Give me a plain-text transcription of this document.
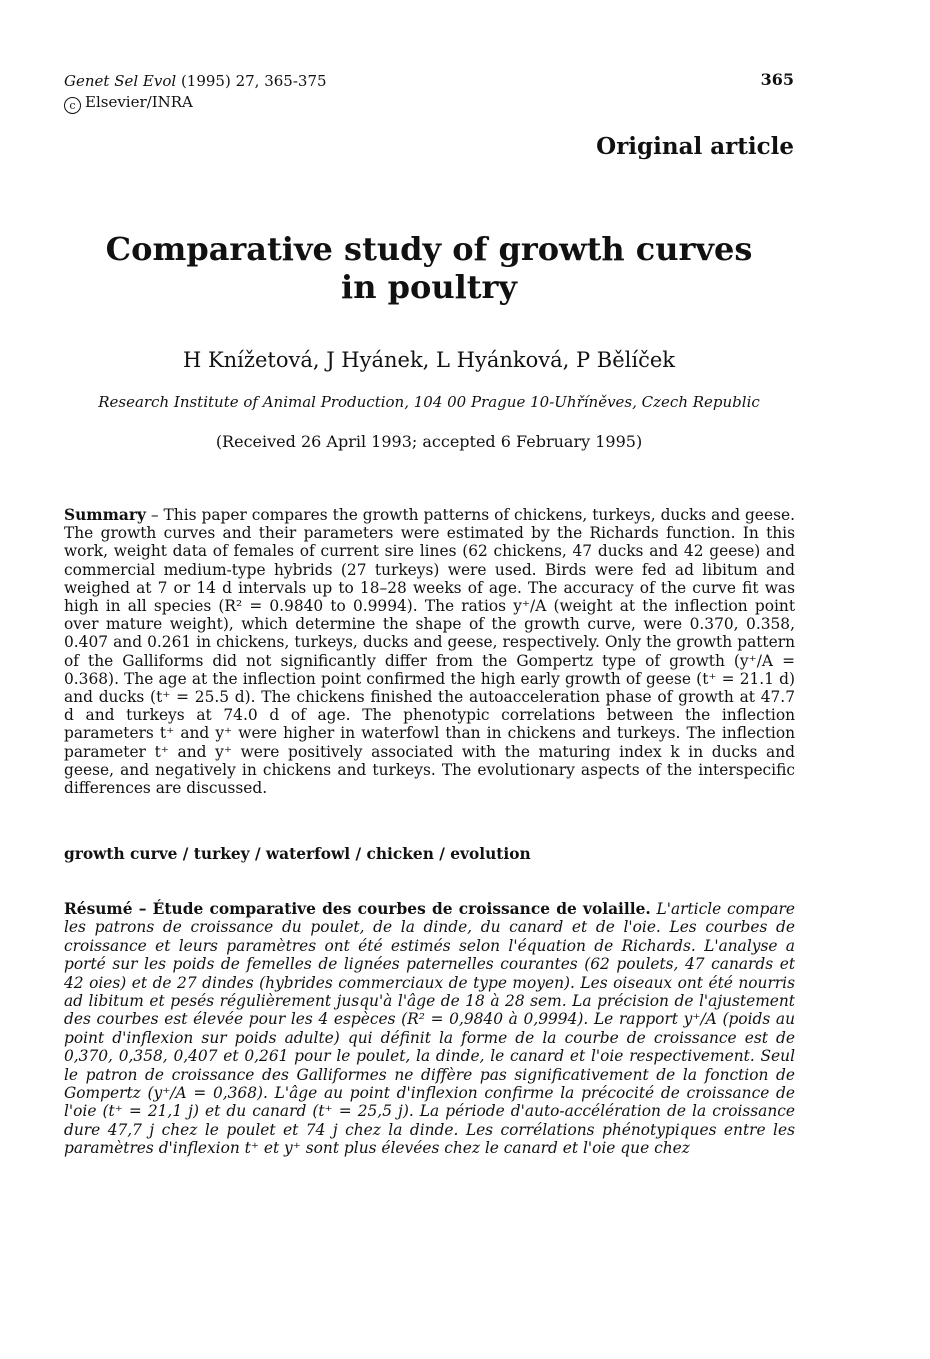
Genet Sel Evol (1995) 27, 365-375	365
c Elsevier/INRA
Original article
Comparative study of growth curves
in poultry
H Knížetová, J Hyánek, L Hyánková, P Bělíček
Research Institute of Animal Production, 104 00 Prague 10-Uhříněves, Czech Republic
(Received 26 April 1993; accepted 6 February 1995)

Summary – This paper compares the growth patterns of chickens, turkeys, ducks and geese. The growth curves and their parameters were estimated by the Richards function. In this work, weight data of females of current sire lines (62 chickens, 47 ducks and 42 geese) and commercial medium-type hybrids (27 turkeys) were used. Birds were fed ad libitum and weighed at 7 or 14 d intervals up to 18–28 weeks of age. The accuracy of the curve fit was high in all species (R² = 0.9840 to 0.9994). The ratios y⁺/A (weight at the inflection point over mature weight), which determine the shape of the growth curve, were 0.370, 0.358, 0.407 and 0.261 in chickens, turkeys, ducks and geese, respectively. Only the growth pattern of the Galliforms did not significantly differ from the Gompertz type of growth (y⁺/A = 0.368). The age at the inflection point confirmed the high early growth of geese (t⁺ = 21.1 d) and ducks (t⁺ = 25.5 d). The chickens finished the autoacceleration phase of growth at 47.7 d and turkeys at 74.0 d of age. The phenotypic correlations between the inflection parameters t⁺ and y⁺ were higher in waterfowl than in chickens and turkeys. The inflection parameter t⁺ and y⁺ were positively associated with the maturing index k in ducks and geese, and negatively in chickens and turkeys. The evolutionary aspects of the interspecific differences are discussed.

growth curve / turkey / waterfowl / chicken / evolution

Résumé – Étude comparative des courbes de croissance de volaille. L'article compare les patrons de croissance du poulet, de la dinde, du canard et de l'oie. Les courbes de croissance et leurs paramètres ont été estimés selon l'équation de Richards. L'analyse a porté sur les poids de femelles de lignées paternelles courantes (62 poulets, 47 canards et 42 oies) et de 27 dindes (hybrides commerciaux de type moyen). Les oiseaux ont été nourris ad libitum et pesés régulièrement jusqu'à l'âge de 18 à 28 sem. La précision de l'ajustement des courbes est élevée pour les 4 espèces (R² = 0,9840 à 0,9994). Le rapport y⁺/A (poids au point d'inflexion sur poids adulte) qui définit la forme de la courbe de croissance est de 0,370, 0,358, 0,407 et 0,261 pour le poulet, la dinde, le canard et l'oie respectivement. Seul le patron de croissance des Galliformes ne diffère pas significativement de la fonction de Gompertz (y⁺/A = 0,368). L'âge au point d'inflexion confirme la précocité de croissance de l'oie (t⁺ = 21,1 j) et du canard (t⁺ = 25,5 j). La période d'auto-accélération de la croissance dure 47,7 j chez le poulet et 74 j chez la dinde. Les corrélations phénotypiques entre les paramètres d'inflexion t⁺ et y⁺ sont plus élevées chez le canard et l'oie que chez
